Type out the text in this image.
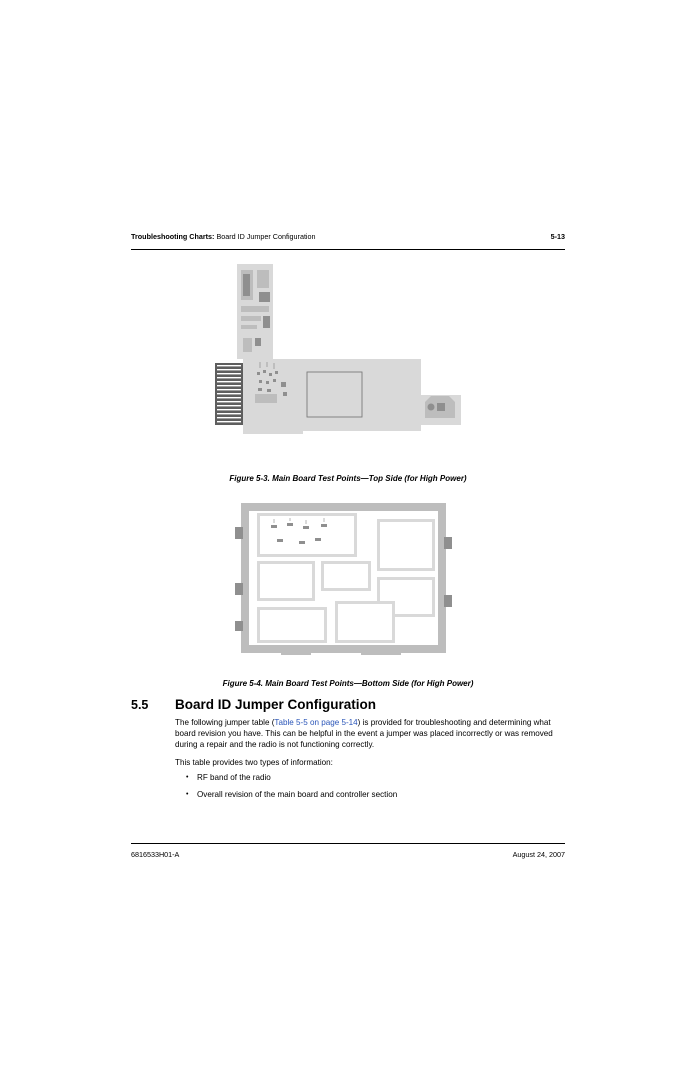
Troubleshooting Charts: Board ID Jumper Configuration	5-13
Figure 5-3. Main Board Test Points—Top Side (for High Power)
Figure 5-4. Main Board Test Points—Bottom Side (for High Power)
5.5 Board ID Jumper Configuration
The following jumper table (Table 5-5 on page 5-14) is provided for troubleshooting and determining what board revision you have. This can be helpful in the event a jumper was placed incorrectly or was removed during a repair and the radio is not functioning correctly.
This table provides two types of information:
• RF band of the radio
• Overall revision of the main board and controller section
6816533H01-A	August 24, 2007
